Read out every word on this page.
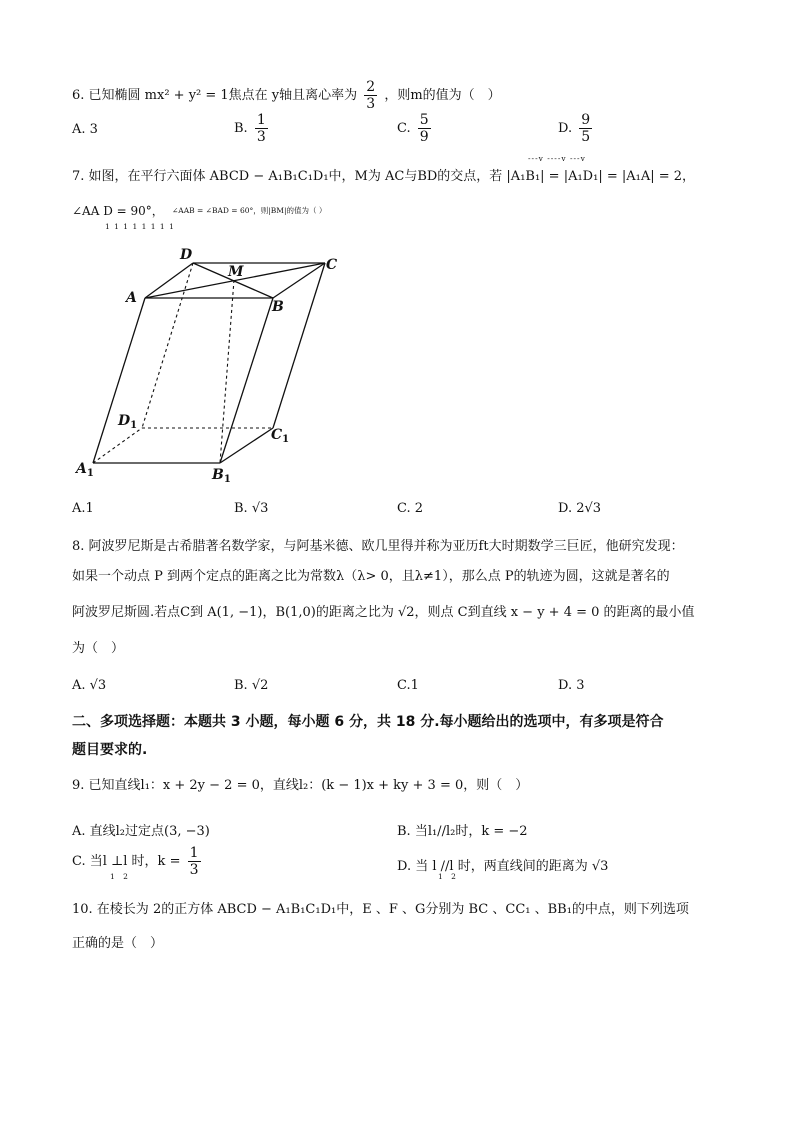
6. 已知椭圆 mx² + y² = 1焦点在 y轴且离心率为 $\frac{2}{3}$ ，则m的值为（　）
A. 3	B. $\frac{1}{3}$	C. $\frac{5}{9}$	D. $\frac{9}{5}$
---v ----v ---v
7. 如图，在平行六面体 ABCD − A₁B₁C₁D₁中，M为 AC与BD的交点，若 |A₁B₁| = |A₁D₁| = |A₁A| = 2，
∠AA D = 90°， ∠AAB = ∠BAD = 60°，则|BM|的值为（ ）
1 1 1 1 1 1 1 1
D
M	C
A
B
$D_1$
$C_1$
$A_1$	$B_1$
A.1	B. √3	C. 2	D. 2√3
8. 阿波罗尼斯是古希腊著名数学家，与阿基米德、欧几里得并称为亚历ft大时期数学三巨匠，他研究发现：
如果一个动点 P 到两个定点的距离之比为常数λ（λ> 0，且λ≠1），那么点 P的轨迹为圆，这就是著名的
阿波罗尼斯圆.若点C到 A(1, −1)，B(1,0)的距离之比为 √2，则点 C到直线 x − y + 4 = 0 的距离的最小值
为（　）
A. √3	B. √2	C.1	D. 3
二、多项选择题：本题共 3 小题，每小题 6 分，共 18 分.每小题给出的选项中，有多项是符合
题目要求的.
9. 已知直线l₁：x + 2y − 2 = 0，直线l₂：(k − 1)x + ky + 3 = 0，则（　）
A. 直线l₂过定点(3, −3)	B. 当l₁//l₂时，k = −2
C. 当l ⊥l 时，$k = \frac{1}{3}$
1 2
D. 当 l //l 时，两直线间的距离为 √3
1 2
10. 在棱长为 2的正方体 ABCD − A₁B₁C₁D₁中，E 、F 、G分别为 BC 、CC₁ 、BB₁的中点，则下列选项
正确的是（　）
